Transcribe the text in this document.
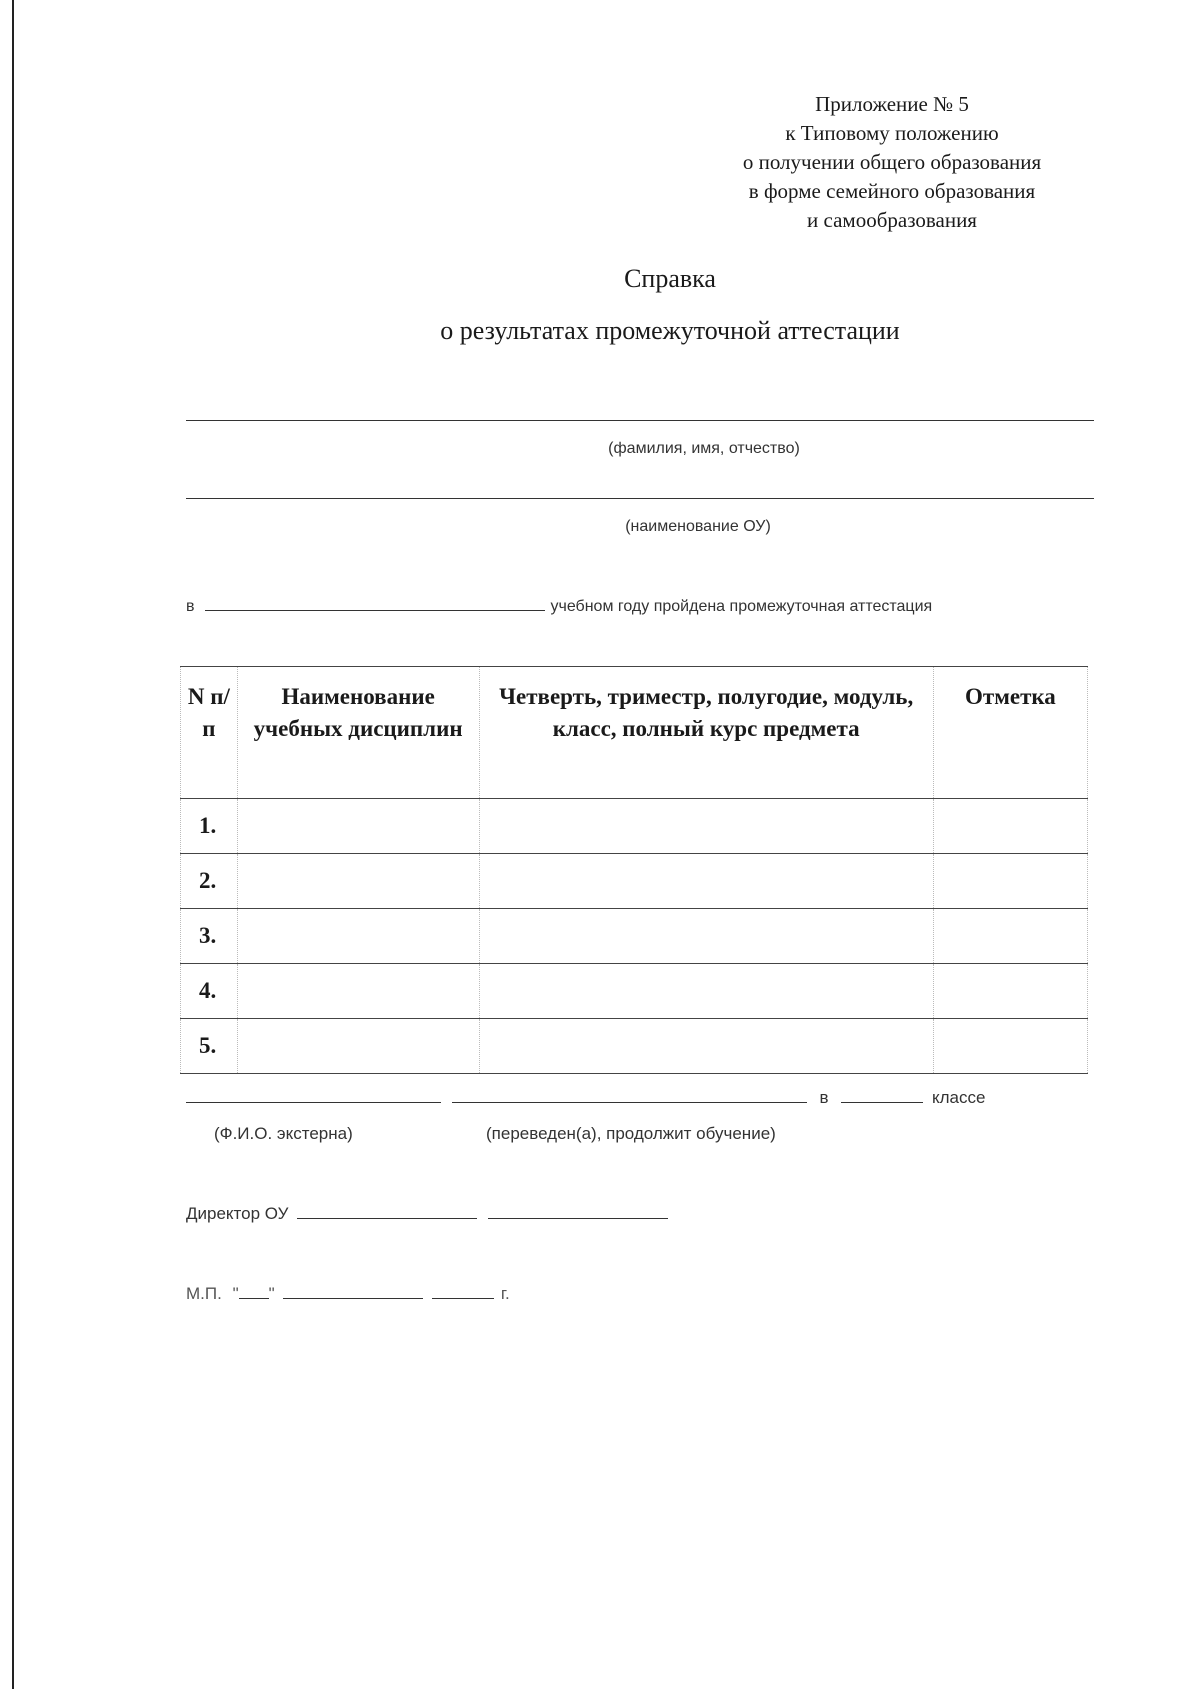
Приложение № 5
к Типовому положению
о получении общего образования
в форме семейного образования
и самообразования
Справка
о результатах промежуточной аттестации
(фамилия, имя, отчество)
(наименование ОУ)
в	учебном году пройдена промежуточная аттестация
N п/п	Наименование учебных дисциплин	Четверть, триместр, полугодие, модуль, класс, полный курс предмета	Отметка
1.			
2.			
3.			
4.			
5.			
в	классе
(Ф.И.О. экстерна)	(переведен(а), продолжит обучение)
Директор ОУ
М.П. " "	г.
